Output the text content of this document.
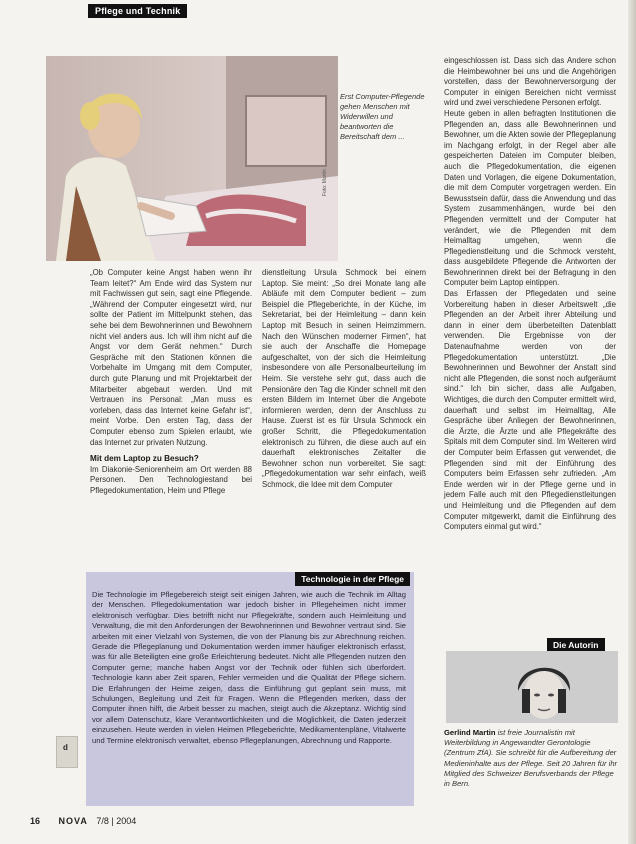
Pflege und Technik
Erst Computer-Pflegende gehen Menschen mit Widerwillen und beantworten die Bereitschaft dem ...
Foto: Martin

„Ob Computer keine Angst haben wenn ihr Team leitet?“ Am Ende wird das System nur mit Fachwissen gut sein, sagt eine Pflegende. „Während der Computer eingesetzt wird, nur sollte der Patient im Mittelpunkt stehen, das sehe bei dem Bewohnerinnen und Bewohnern nicht viel anders aus. Ich will ihm nicht auf die Angst vor dem Gerät nehmen.“ Durch Gespräche mit den Stationen können die Vorbehalte im Umgang mit dem Computer, durch gute Planung und mit Projektarbeit der Mitarbeiter abgebaut werden. Und mit Vertrauen ins Personal: „Man muss es vorleben, dass das Internet keine Gefahr ist“, meint Vorbe. Den ersten Tag, dass der Computer ebenso zum Spielen erlaubt, wie das Internet zur privaten Nutzung.

Mit dem Laptop zu Besuch?

Im Diakonie-Seniorenheim am Ort werden 88 Personen. Den Technologiestand bei Pflegedokumentation, Heim und Pflege

dienstleitung Ursula Schmock bei einem Laptop. Sie meint: „So drei Monate lang alle Abläufe mit dem Computer bedient – zum Beispiel die Pflegeberichte, in der Küche, im Sekretariat, bei der Heimleitung – dann kein Laptop mit Besuch in seinen Heimzimmern. Nach den Wünschen moderner Firmen“, hat sie auch der Anschaffe die Homepage aufgeschaltet, von der sich die Heimleitung insbesondere von alle Personalbeurteilung im Heim. Sie verstehe sehr gut, dass auch die Pensionäre den Tag die Kinder schnell mit den ersten Bildern im Internet über die Angebote informieren werden, denn der Anschluss zu Hause. Zuerst ist es für Ursula Schmock ein großer Schritt, die Pflegedokumentation elektronisch zu führen, die diese auch auf ein dauerhaft elektronisches Zeitalter die Bewohner schon nun vorbereitet. Sie sagt: „Pflegedokumentation war sehr einfach, weiß Schmock, die Idee mit dem Computer

eingeschlossen ist. Dass sich das Andere schon die Heimbewohner bei uns und die Angehörigen vorstellen, dass der Bewohnerversorgung der Computer in einigen Bereichen nicht vermisst wird und zwei verschiedene Personen erfolgt.

Heute geben in allen befragten Institutionen die Pflegenden an, dass alle Bewohnerinnen und Bewohner, um die Akten sowie der Pflegeplanung im Nachgang erfolgt, in der Regel aber alle gespeicherten Dateien im Computer bleiben, auch die Pflegedokumentation, die eigenen Daten und Vorlagen, die eigene Dokumentation, die mit dem Computer vorgetragen werden. Ein Bewusstsein dafür, dass die Anwendung und das System zusammenhängen, wurde bei den Pflegenden vermittelt und der Computer hat verändert, wie die Pflegenden mit dem Heimalltag umgehen, wenn die Pflegedienstleitung und die Schmock versteht, dass ausgebildete Pflegende die Antworten der Bewohnerinnen direkt bei der Befragung in den Computer beim Laptop eintippen.

Das Erfassen der Pflegedaten und seine Vorbereitung haben in dieser Arbeitswelt „die Pflegenden an der Arbeit ihrer Abteilung und dann in einer dem überbeteilten Datenblatt verwenden. Die Ergebnisse von der Datenaufnahme werden von der Pflegedokumentation unterstützt. „Die Bewohnerinnen und Bewohner der Anstalt sind nicht alle Pflegenden, die sonst noch aufgeräumt sind.“ Ich bin sicher, dass alle Aufgaben, Wichtiges, die durch den Computer ermittelt wird, dauerhaft und selbst im Heimalltag, Alle Gespräche über Anliegen der Bewohnerinnen, die Ärzte, die Ärzte und alle Pflegekräfte des Spitals mit dem Computer sind. Im Weiteren wird der Computer beim Erfassen gut verwendet, die Pflegenden sind mit der Einführung des Computers beim Erfassen sehr zufrieden. „Am Ende werden wir in der Pflege gerne und in jedem Falle auch mit den Pflegedienstleitungen und Heimleitung und die Pflegenden auf dem Computer mitgewerkt, damit die Einführung des Computers einmal gut wird.“

Technologie in der Pflege
Die Technologie im Pflegebereich steigt seit einigen Jahren, wie auch die Technik im Alltag der Menschen. Pflegedokumentation war jedoch bisher in Pflegeheimen nicht immer elektronisch verfügbar. Dies betrifft nicht nur Pflegekräfte, sondern auch Heimleitung und Verwaltung, die mit den Anforderungen der Bewohnerinnen und Bewohner vertraut sind. Sie arbeiten mit einer Vielzahl von Systemen, die von der Planung bis zur Abrechnung reichen. Gerade die Pflegeplanung und Dokumentation werden immer häufiger elektronisch erfasst, was für alle Beteiligten eine große Erleichterung bedeutet. Nicht alle Pflegenden nutzen den Computer gerne; manche haben Angst vor der Technik oder fühlen sich überfordert. Technologie kann aber Zeit sparen, Fehler vermeiden und die Qualität der Pflege sichern. Die Erfahrungen der Heime zeigen, dass die Einführung gut geplant sein muss, mit Schulungen, Begleitung und Zeit für Fragen. Wenn die Pflegenden merken, dass der Computer ihnen hilft, die Arbeit besser zu machen, steigt auch die Akzeptanz. Wichtig sind vor allem Datenschutz, klare Verantwortlichkeiten und die Möglichkeit, die Daten jederzeit einzusehen. Heute werden in vielen Heimen Pflegeberichte, Medikamentenpläne, Vitalwerte und Termine elektronisch verwaltet, ebenso Pflegeplanungen, Abrechnung und Rapporte.
Die Autorin
Gerlind Martin ist freie Journalistin mit Weiterbildung in Angewandter Gerontologie (Zentrum ZfA). Sie schreibt für die Aufbereitung der Medieninhalte aus der Pflege. Seit 20 Jahren für ihr Mitglied des Schweizer Berufsverbands der Pflege in Bern.
d
16 NOVA 7/8 | 2004
